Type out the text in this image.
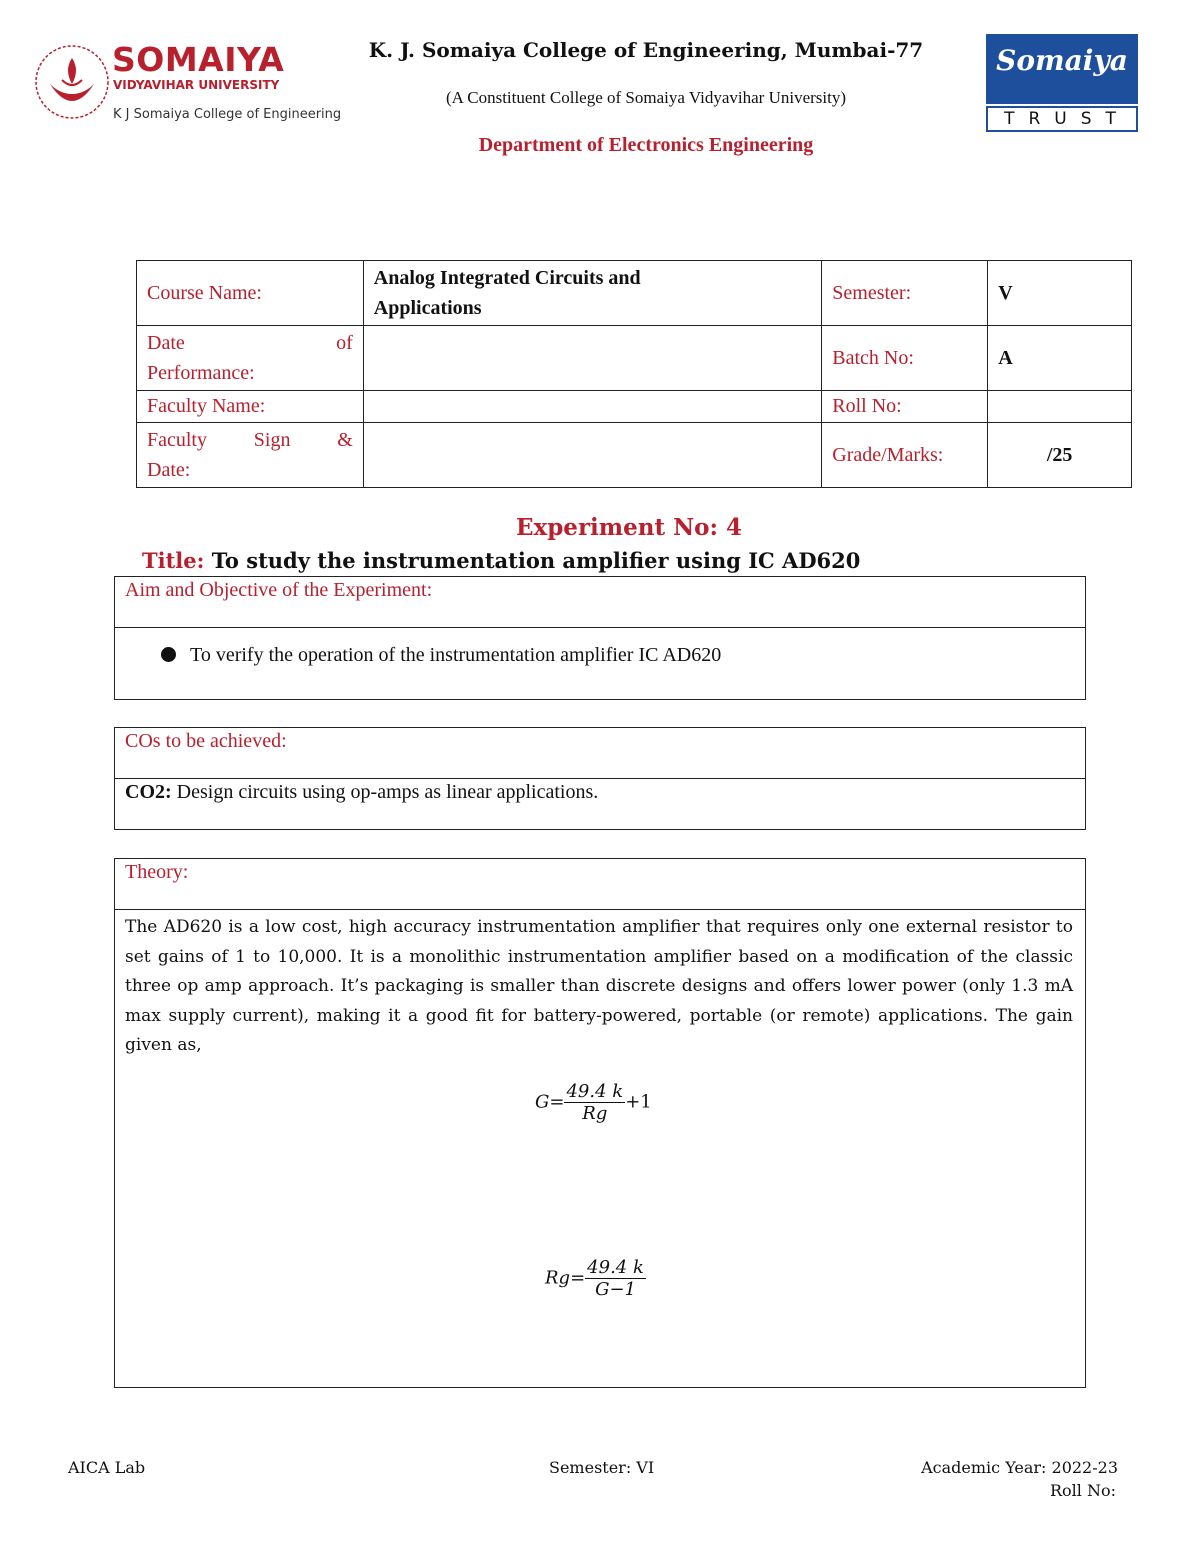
SOMAIYA
VIDYAVIHAR UNIVERSITY
K J Somaiya College of Engineering
K. J. Somaiya College of Engineering, Mumbai-77
(A Constituent College of Somaiya Vidyavihar University)
Department of Electronics Engineering
Somaiya
TRUST
Course Name:	Analog Integrated Circuits and Applications	Semester:	V

Date of
Performance:		Batch No:	A
Faculty Name:		Roll No:	

Faculty Sign &
Date:		Grade/Marks:	/25
Experiment No: 4
Title: To study the instrumentation amplifier using IC AD620
Aim and Objective of the Experiment:
To verify the operation of the instrumentation amplifier IC AD620
COs to be achieved:
CO2: Design circuits using op-amps as linear applications.
Theory:
The AD620 is a low cost, high accuracy instrumentation amplifier that requires only one external resistor to set gains of 1 to 10,000. It is a monolithic instrumentation amplifier based on a modification of the classic three op amp approach. It’s packaging is smaller than discrete designs and offers lower power (only 1.3 mA max supply current), making it a good fit for battery-powered, portable (or remote) applications. The gain given as,
$G= \frac{49.4 k}{Rg} +1$
$Rg= \frac{49.4 k}{G-1}$
AICA Lab	Semester: VI	Academic Year: 2022-23
Roll No:
